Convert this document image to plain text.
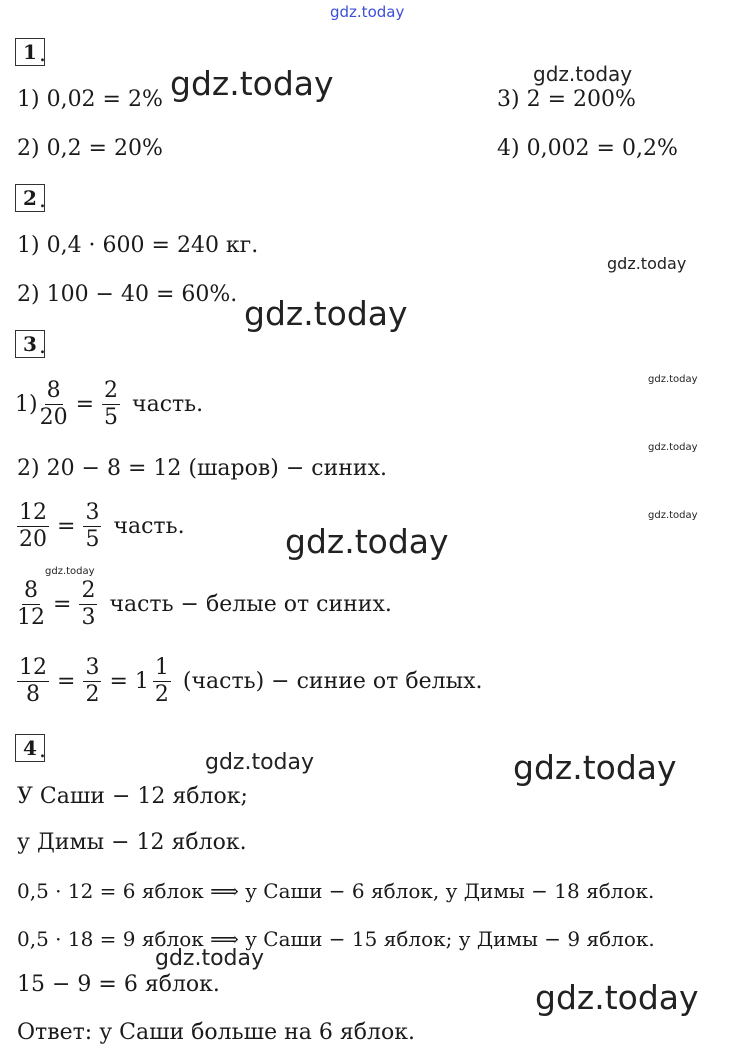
gdz.today
gdz.today	gdz.today
gdz.today
gdz.today
gdz.today
gdz.today
gdz.today
gdz.today
gdz.today
gdz.today	gdz.today
gdz.today
gdz.today
1 .
1) 0,02 = 2%	3) 2 = 200%
2) 0,2 = 20%	4) 0,002 = 0,2%
2 .
1) 0,4 · 600 = 240 кг.
2) 100 − 40 = 60%.
3 .
$1) \frac{8}{20} = \frac{2}{5}$ часть.
2) 20 − 8 = 12 (шаров) − синих.
$\frac{12}{20} = \frac{3}{5}$ часть.
$\frac{8}{12} = \frac{2}{3}$ часть − белые от синих.
$\frac{12}{8} = \frac{3}{2} = 1 \frac{1}{2}$ (часть) − синие от белых.
4 .
У Саши − 12 яблок;
у Димы − 12 яблок.
0,5 · 12 = 6 яблок ⟹ у Саши − 6 яблок, у Димы − 18 яблок.
0,5 · 18 = 9 яблок ⟹ у Саши − 15 яблок; у Димы − 9 яблок.
15 − 9 = 6 яблок.
Ответ: у Саши больше на 6 яблок.
